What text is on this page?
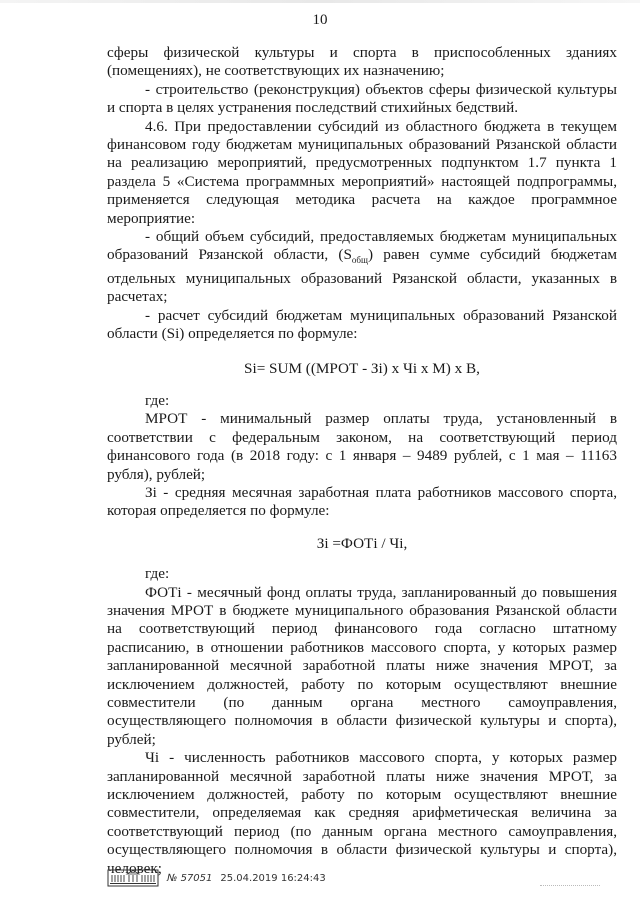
10

сферы физической культуры и спорта в приспособленных зданиях (помещениях), не соответствующих их назначению;

- строительство (реконструкция) объектов сферы физической культуры и спорта в целях устранения последствий стихийных бедствий.

4.6. При предоставлении субсидий из областного бюджета в текущем финансовом году бюджетам муниципальных образований Рязанской области на реализацию мероприятий, предусмотренных подпунктом 1.7 пункта 1 раздела 5 «Система программных мероприятий» настоящей подпрограммы, применяется следующая методика расчета на каждое программное мероприятие:

- общий объем субсидий, предоставляемых бюджетам муниципальных образований Рязанской области, $(S_{общ})$ равен сумме субсидий бюджетам отдельных муниципальных образований Рязанской области, указанных в расчетах;

- расчет субсидий бюджетам муниципальных образований Рязанской области (Si) определяется по формуле:

Si= SUM ((МРОТ - Зi) x Чi x М) x В,

где:

МРОТ - минимальный размер оплаты труда, установленный в соответствии с федеральным законом, на соответствующий период финансового года (в 2018 году: с 1 января – 9489 рублей, с 1 мая – 11163 рубля), рублей;

Зi - средняя месячная заработная плата работников массового спорта, которая определяется по формуле:

Зi =ФОТi / Чi,

где:

ФОТi - месячный фонд оплаты труда, запланированный до повышения значения МРОТ в бюджете муниципального образования Рязанской области на соответствующий период финансового года согласно штатному расписанию, в отношении работников массового спорта, у которых размер запланированной месячной заработной платы ниже значения МРОТ, за исключением должностей, работу по которым осуществляют внешние совместители (по данным органа местного самоуправления, осуществляющего полномочия в области физической культуры и спорта), рублей;

Чi - численность работников массового спорта, у которых размер запланированной месячной заработной платы ниже значения МРОТ, за исключением должностей, работу по которым осуществляют внешние совместители, определяемая как средняя арифметическая величина за соответствующий период (по данным органа местного самоуправления, осуществляющего полномочия в области физической культуры и спорта), человек;

№ 57051 25.04.2019 16:24:43
